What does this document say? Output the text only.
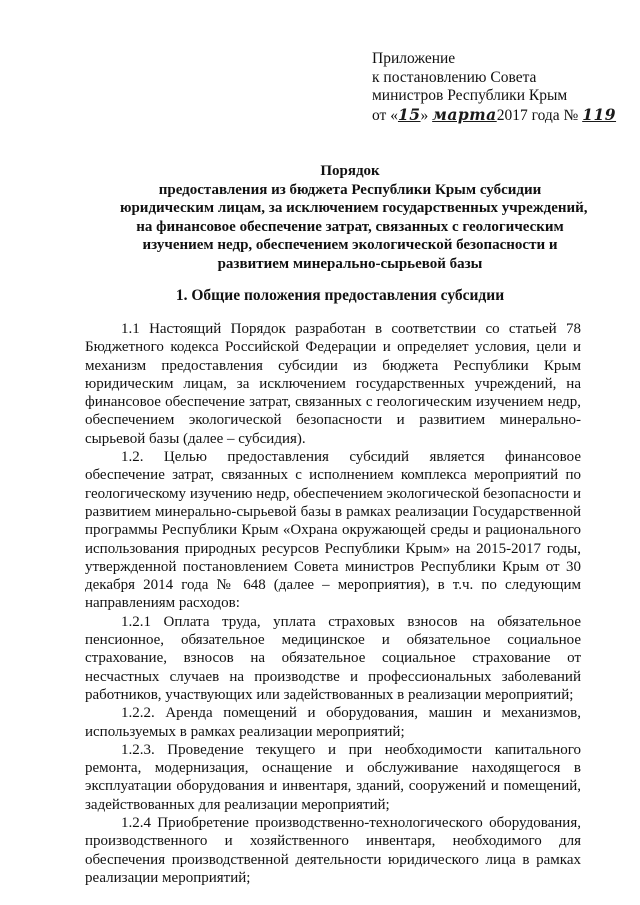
Приложение
к постановлению Совета
министров Республики Крым
от «15» марта2017 года № 119
Порядок
предоставления из бюджета Республики Крым субсидии
юридическим лицам, за исключением государственных учреждений,
на финансовое обеспечение затрат, связанных с геологическим
изучением недр, обеспечением экологической безопасности и
развитием минерально-сырьевой базы
1. Общие положения предоставления субсидии

1.1 Настоящий Порядок разработан в соответствии со статьей 78 Бюджетного кодекса Российской Федерации и определяет условия, цели и механизм предоставления субсидии из бюджета Республики Крым юридическим лицам, за исключением государственных учреждений, на финансовое обеспечение затрат, связанных с геологическим изучением недр, обеспечением экологической безопасности и развитием минерально-сырьевой базы (далее – субсидия).

1.2. Целью предоставления субсидий является финансовое обеспечение затрат, связанных с исполнением комплекса мероприятий по геологическому изучению недр, обеспечением экологической безопасности и развитием минерально-сырьевой базы в рамках реализации Государственной программы Республики Крым «Охрана окружающей среды и рационального использования природных ресурсов Республики Крым» на 2015-2017 годы, утвержденной постановлением Совета министров Республики Крым от 30 декабря 2014 года № 648 (далее – мероприятия), в т.ч. по следующим направлениям расходов:

1.2.1 Оплата труда, уплата страховых взносов на обязательное пенсионное, обязательное медицинское и обязательное социальное страхование, взносов на обязательное социальное страхование от несчастных случаев на производстве и профессиональных заболеваний работников, участвующих или задействованных в реализации мероприятий;

1.2.2. Аренда помещений и оборудования, машин и механизмов, используемых в рамках реализации мероприятий;

1.2.3. Проведение текущего и при необходимости капитального ремонта, модернизация, оснащение и обслуживание находящегося в эксплуатации оборудования и инвентаря, зданий, сооружений и помещений, задействованных для реализации мероприятий;

1.2.4 Приобретение производственно-технологического оборудования, производственного и хозяйственного инвентаря, необходимого для обеспечения производственной деятельности юридического лица в рамках реализации мероприятий;
